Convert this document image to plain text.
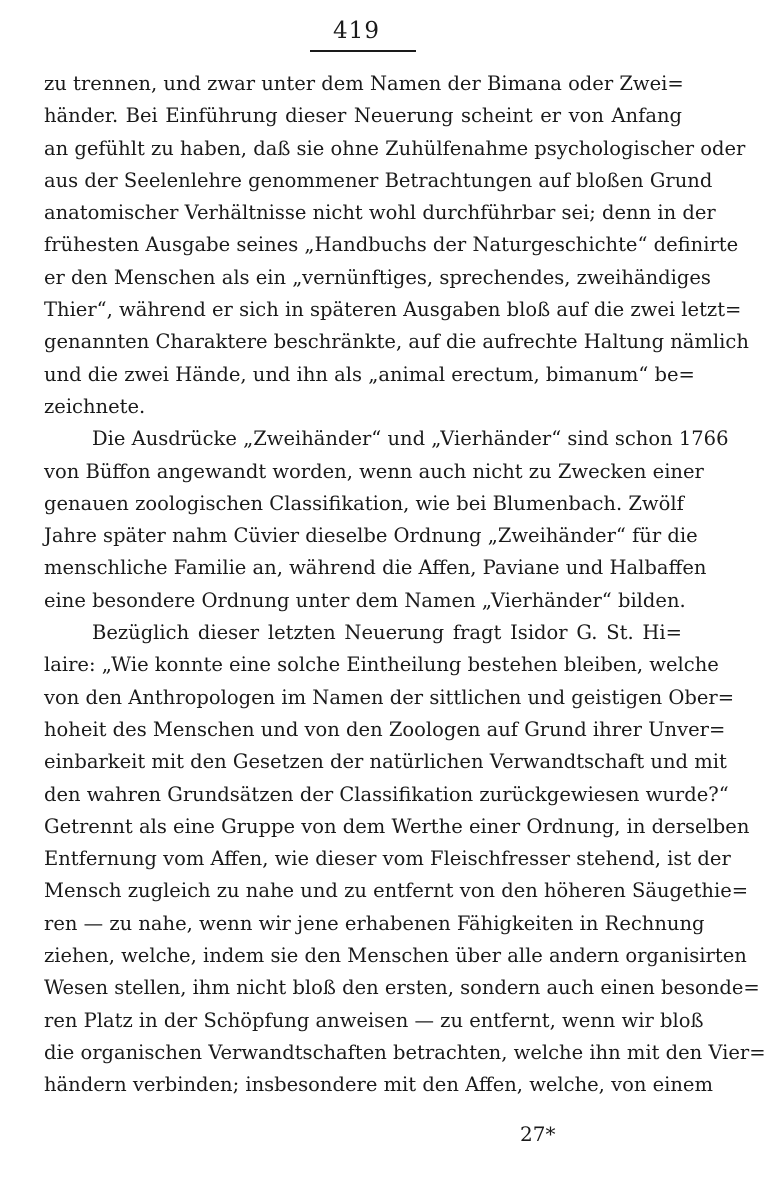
419
zu trennen, und zwar unter dem Namen der Bimana oder Zwei=
händer. Bei Einführung dieser Neuerung scheint er von Anfang
an gefühlt zu haben, daß sie ohne Zuhülfenahme psychologischer oder
aus der Seelenlehre genommener Betrachtungen auf bloßen Grund
anatomischer Verhältnisse nicht wohl durchführbar sei; denn in der
frühesten Ausgabe seines „Handbuchs der Naturgeschichte“ definirte
er den Menschen als ein „vernünftiges, sprechendes, zweihändiges
Thier“, während er sich in späteren Ausgaben bloß auf die zwei letzt=
genannten Charaktere beschränkte, auf die aufrechte Haltung nämlich
und die zwei Hände, und ihn als „animal erectum, bimanum“ be=
zeichnete.
Die Ausdrücke „Zweihänder“ und „Vierhänder“ sind schon 1766
von Büffon angewandt worden, wenn auch nicht zu Zwecken einer
genauen zoologischen Classifikation, wie bei Blumenbach. Zwölf
Jahre später nahm Cüvier dieselbe Ordnung „Zweihänder“ für die
menschliche Familie an, während die Affen, Paviane und Halbaffen
eine besondere Ordnung unter dem Namen „Vierhänder“ bilden.
Bezüglich dieser letzten Neuerung fragt Isidor G. St. Hi=
laire: „Wie konnte eine solche Eintheilung bestehen bleiben, welche
von den Anthropologen im Namen der sittlichen und geistigen Ober=
hoheit des Menschen und von den Zoologen auf Grund ihrer Unver=
einbarkeit mit den Gesetzen der natürlichen Verwandtschaft und mit
den wahren Grundsätzen der Classifikation zurückgewiesen wurde?“
Getrennt als eine Gruppe von dem Werthe einer Ordnung, in derselben
Entfernung vom Affen, wie dieser vom Fleischfresser stehend, ist der
Mensch zugleich zu nahe und zu entfernt von den höheren Säugethie=
ren — zu nahe, wenn wir jene erhabenen Fähigkeiten in Rechnung
ziehen, welche, indem sie den Menschen über alle andern organisirten
Wesen stellen, ihm nicht bloß den ersten, sondern auch einen besonde=
ren Platz in der Schöpfung anweisen — zu entfernt, wenn wir bloß
die organischen Verwandtschaften betrachten, welche ihn mit den Vier=
händern verbinden; insbesondere mit den Affen, welche, von einem
27*
